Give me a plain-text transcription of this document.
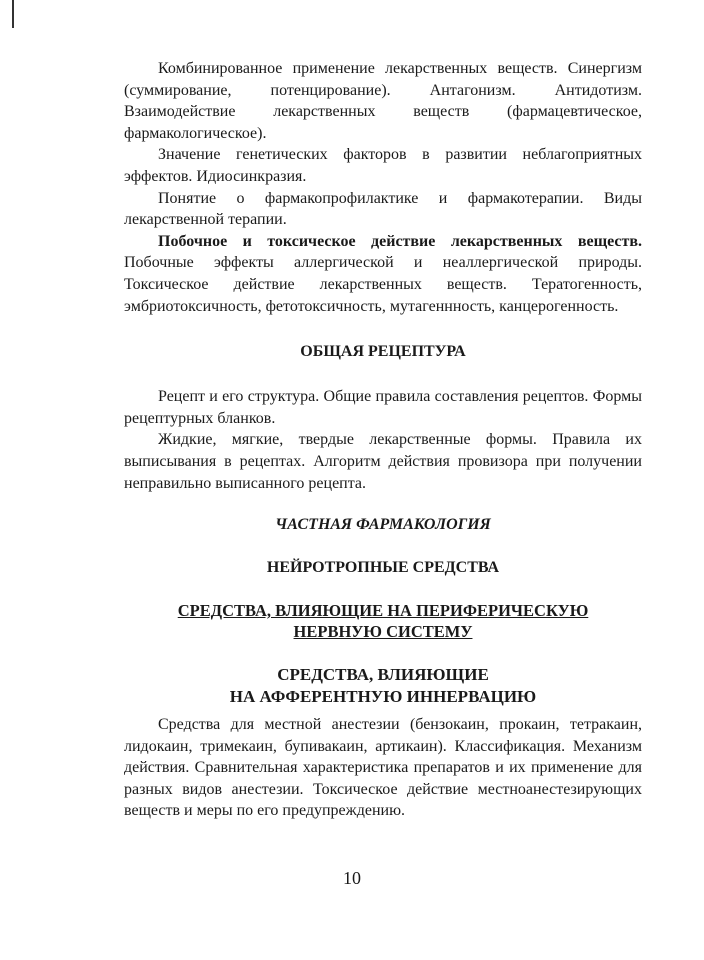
Комбинированное применение лекарственных веществ. Синергизм (суммирование, потенцирование). Антагонизм. Антидотизм. Взаимодействие лекарственных веществ (фармацевтическое, фармакологическое).

Значение генетических факторов в развитии неблагоприятных эффектов. Идиосинкразия.

Понятие о фармакопрофилактике и фармакотерапии. Виды лекарственной терапии.

Побочное и токсическое действие лекарственных веществ. Побочные эффекты аллергической и неаллергической природы. Токсическое действие лекарственных веществ. Тератогенность, эмбриотоксичность, фетотоксичность, мутагеннность, канцерогенность.

ОБЩАЯ РЕЦЕПТУРА

Рецепт и его структура. Общие правила составления рецептов. Формы рецептурных бланков.

Жидкие, мягкие, твердые лекарственные формы. Правила их выписывания в рецептах. Алгоритм действия провизора при получении неправильно выписанного рецепта.

ЧАСТНАЯ ФАРМАКОЛОГИЯ
НЕЙРОТРОПНЫЕ СРЕДСТВА
СРЕДСТВА, ВЛИЯЮЩИЕ НА ПЕРИФЕРИЧЕСКУЮ
НЕРВНУЮ СИСТЕМУ
СРЕДСТВА, ВЛИЯЮЩИЕ
НА АФФЕРЕНТНУЮ ИННЕРВАЦИЮ

Средства для местной анестезии (бензокаин, прокаин, тетракаин, лидокаин, тримекаин, бупивакаин, артикаин). Классификация. Механизм действия. Сравнительная характеристика препаратов и их применение для разных видов анестезии. Токсическое действие местноанестезирующих веществ и меры по его предупреждению.

10
